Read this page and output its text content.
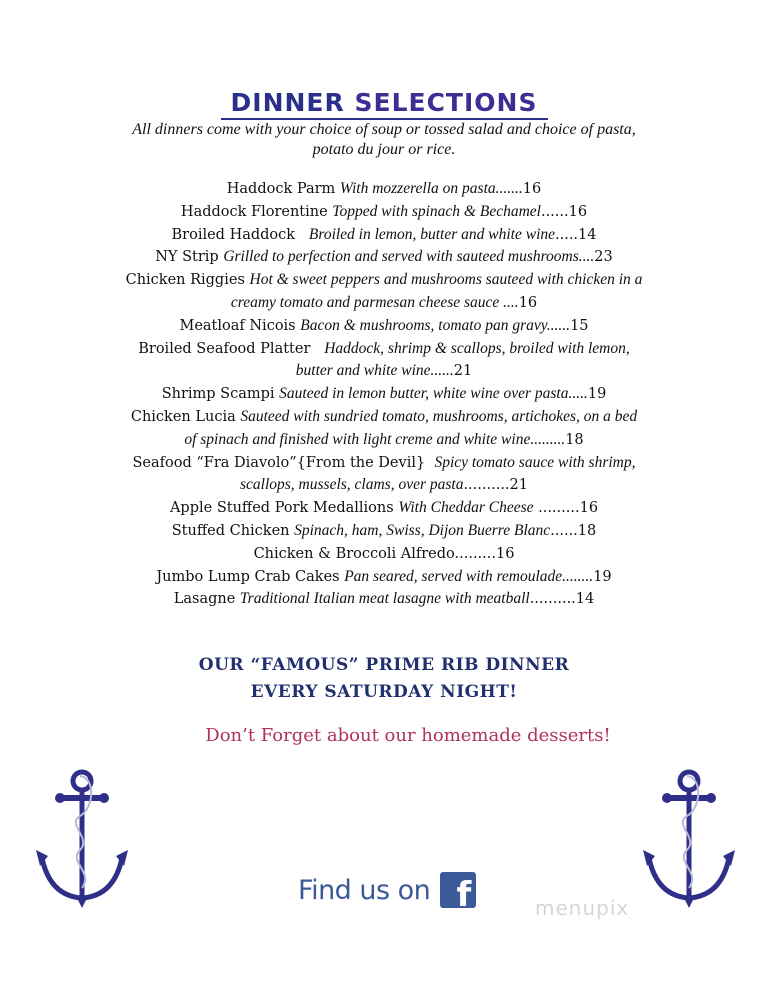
DINNER SELECTIONS
All dinners come with your choice of soup or tossed salad and choice of pasta,
potato du jour or rice.
Haddock Parm With mozzerella on pasta.......16
Haddock Florentine Topped with spinach & Bechamel......16
Broiled Haddock Broiled in lemon, butter and white wine.....14
NY Strip Grilled to perfection and served with sauteed mushrooms....23
Chicken Riggies Hot & sweet peppers and mushrooms sauteed with chicken in a
creamy tomato and parmesan cheese sauce ....16
Meatloaf Nicois Bacon & mushrooms, tomato pan gravy......15
Broiled Seafood Platter Haddock, shrimp & scallops, broiled with lemon,
butter and white wine......21
Shrimp Scampi Sauteed in lemon butter, white wine over pasta.....19
Chicken Lucia Sauteed with sundried tomato, mushrooms, artichokes, on a bed
of spinach and finished with light creme and white wine.........18
Seafood “Fra Diavolo”{From the Devil} Spicy tomato sauce with shrimp,
scallops, mussels, clams, over pasta..........21
Apple Stuffed Pork Medallions With Cheddar Cheese .........16
Stuffed Chicken Spinach, ham, Swiss, Dijon Buerre Blanc......18
Chicken & Broccoli Alfredo.........16
Jumbo Lump Crab Cakes Pan seared, served with remoulade........19
Lasagne Traditional Italian meat lasagne with meatball..........14
OUR “FAMOUS” PRIME RIB DINNER
EVERY SATURDAY NIGHT!
Don’t Forget about our homemade desserts!
Find us on f	menupix
